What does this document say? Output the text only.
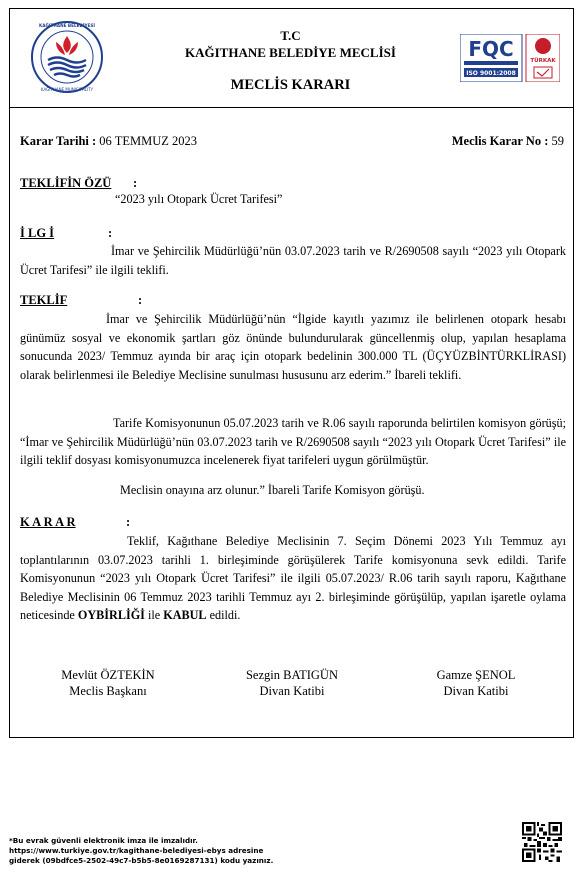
KAĞITHANE BELEDİYESİ
KAĞITHANE MUNICIPALITY
FQC
ISO 9001:2008
TÜRKAK
T.C
KAĞITHANE BELEDİYE MECLİSİ
MECLİS KARARI
Karar Tarihi : 06 TEMMUZ 2023	Meclis Karar No : 59
TEKLİFİN ÖZÜ :
“2023 yılı Otopark Ücret Tarifesi”
İ LG İ	:
İmar ve Şehircilik Müdürlüğü’nün 03.07.2023 tarih ve R/2690508 sayılı “2023 yılı Otopark Ücret Tarifesi” ile ilgili teklifi.
TEKLİF	:
İmar ve Şehircilik Müdürlüğü’nün “İlgide kayıtlı yazımız ile belirlenen otopark hesabı günümüz sosyal ve ekonomik şartları göz önünde bulundurularak güncellenmiş olup, yapılan hesaplama sonucunda 2023/ Temmuz ayında bir araç için otopark bedelinin 300.000 TL (ÜÇYÜZBİNTÜRKLİRASI) olarak belirlenmesi ile Belediye Meclisine sunulması hususunu arz ederim.” İbareli teklifi.
Tarife Komisyonunun 05.07.2023 tarih ve R.06 sayılı raporunda belirtilen komisyon görüşü; “İmar ve Şehircilik Müdürlüğü’nün 03.07.2023 tarih ve R/2690508 sayılı “2023 yılı Otopark Ücret Tarifesi” ile ilgili teklif dosyası komisyonumuzca incelenerek fiyat tarifeleri uygun görülmüştür.
Meclisin onayına arz olunur.” İbareli Tarife Komisyon görüşü.
K A R A R	:
Teklif, Kağıthane Belediye Meclisinin 7. Seçim Dönemi 2023 Yılı Temmuz ayı toplantılarının 03.07.2023 tarihli 1. birleşiminde görüşülerek Tarife komisyonuna sevk edildi. Tarife Komisyonunun “2023 yılı Otopark Ücret Tarifesi” ile ilgili 05.07.2023/ R.06 tarih sayılı raporu, Kağıthane Belediye Meclisinin 06 Temmuz 2023 tarihli Temmuz ayı 2. birleşiminde görüşülüp, yapılan işaretle oylama neticesinde OYBİRLİĞİ ile KABUL edildi.
Mevlüt ÖZTEKİN
Meclis Başkanı
Sezgin BATIGÜN
Divan Katibi
Gamze ŞENOL
Divan Katibi
*Bu evrak güvenli elektronik imza ile imzalıdır.
https://www.turkiye.gov.tr/kagithane-belediyesi-ebys adresine
giderek (09bdfce5-2502-49c7-b5b5-8e0169287131) kodu yazınız.
